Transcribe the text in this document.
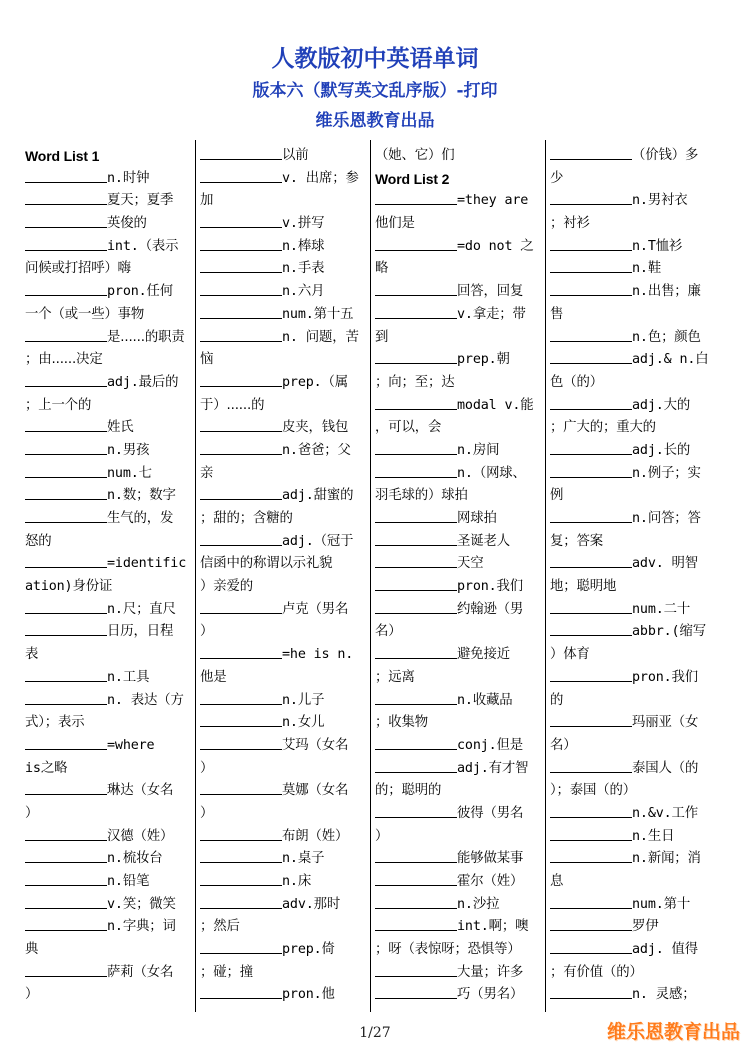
人教版初中英语单词
版本六（默写英文乱序版）-打印
维乐恩教育出品
Word List 1
n.时钟
夏天；夏季
英俊的
int.（表示
问候或打招呼）嗨
pron.任何
一个（或一些）事物
是......的职责
；由......决定
adj.最后的
；上一个的
姓氏
n.男孩
num.七
n.数；数字
生气的，发
怒的
=identific
ation)身份证
n.尺；直尺
日历，日程
表
n.工具
n. 表达（方
式）；表示
=where
is之略
琳达（女名
）
汉德（姓）
n.梳妆台
n.铅笔
v.笑；微笑
n.字典；词
典
萨莉（女名
）
以前
v. 出席；参
加
v.拼写
n.棒球
n.手表
n.六月
num.第十五
n. 问题，苦
恼
prep.（属
于）......的
皮夹，钱包
n.爸爸；父
亲
adj.甜蜜的
；甜的；含糖的
adj.（冠于
信函中的称谓以示礼貌
）亲爱的
卢克（男名
）
=he is n.
他是
n.儿子
n.女儿
艾玛（女名
）
莫娜（女名
）
布朗（姓）
n.桌子
n.床
adv.那时
；然后
prep.倚
；碰；撞
pron.他
（她、它）们
Word List 2
=they are
他们是
=do not 之
略
回答，回复
v.拿走；带
到
prep.朝
；向；至；达
modal v.能
，可以，会
n.房间
n.（网球、
羽毛球的）球拍
网球拍
圣诞老人
天空
pron.我们
约翰逊（男
名）
避免接近
；远离
n.收藏品
；收集物
conj.但是
adj.有才智
的；聪明的
彼得（男名
）
能够做某事
霍尔（姓）
n.沙拉
int.啊；噢
；呀（表惊呀；恐惧等）
大量；许多
巧（男名）
（价钱）多
少
n.男衬衣
；衬衫
n.T恤衫
n.鞋
n.出售；廉
售
n.色；颜色
adj.& n.白
色（的）
adj.大的
；广大的；重大的
adj.长的
n.例子；实
例
n.问答；答
复；答案
adv. 明智
地；聪明地
num.二十
abbr.(缩写
）体育
pron.我们
的
玛丽亚（女
名）
泰国人（的
）；泰国（的）
n.&v.工作
n.生日
n.新闻；消
息
num.第十
罗伊
adj. 值得
；有价值（的）
n. 灵感；
1/27	维乐恩教育出品
